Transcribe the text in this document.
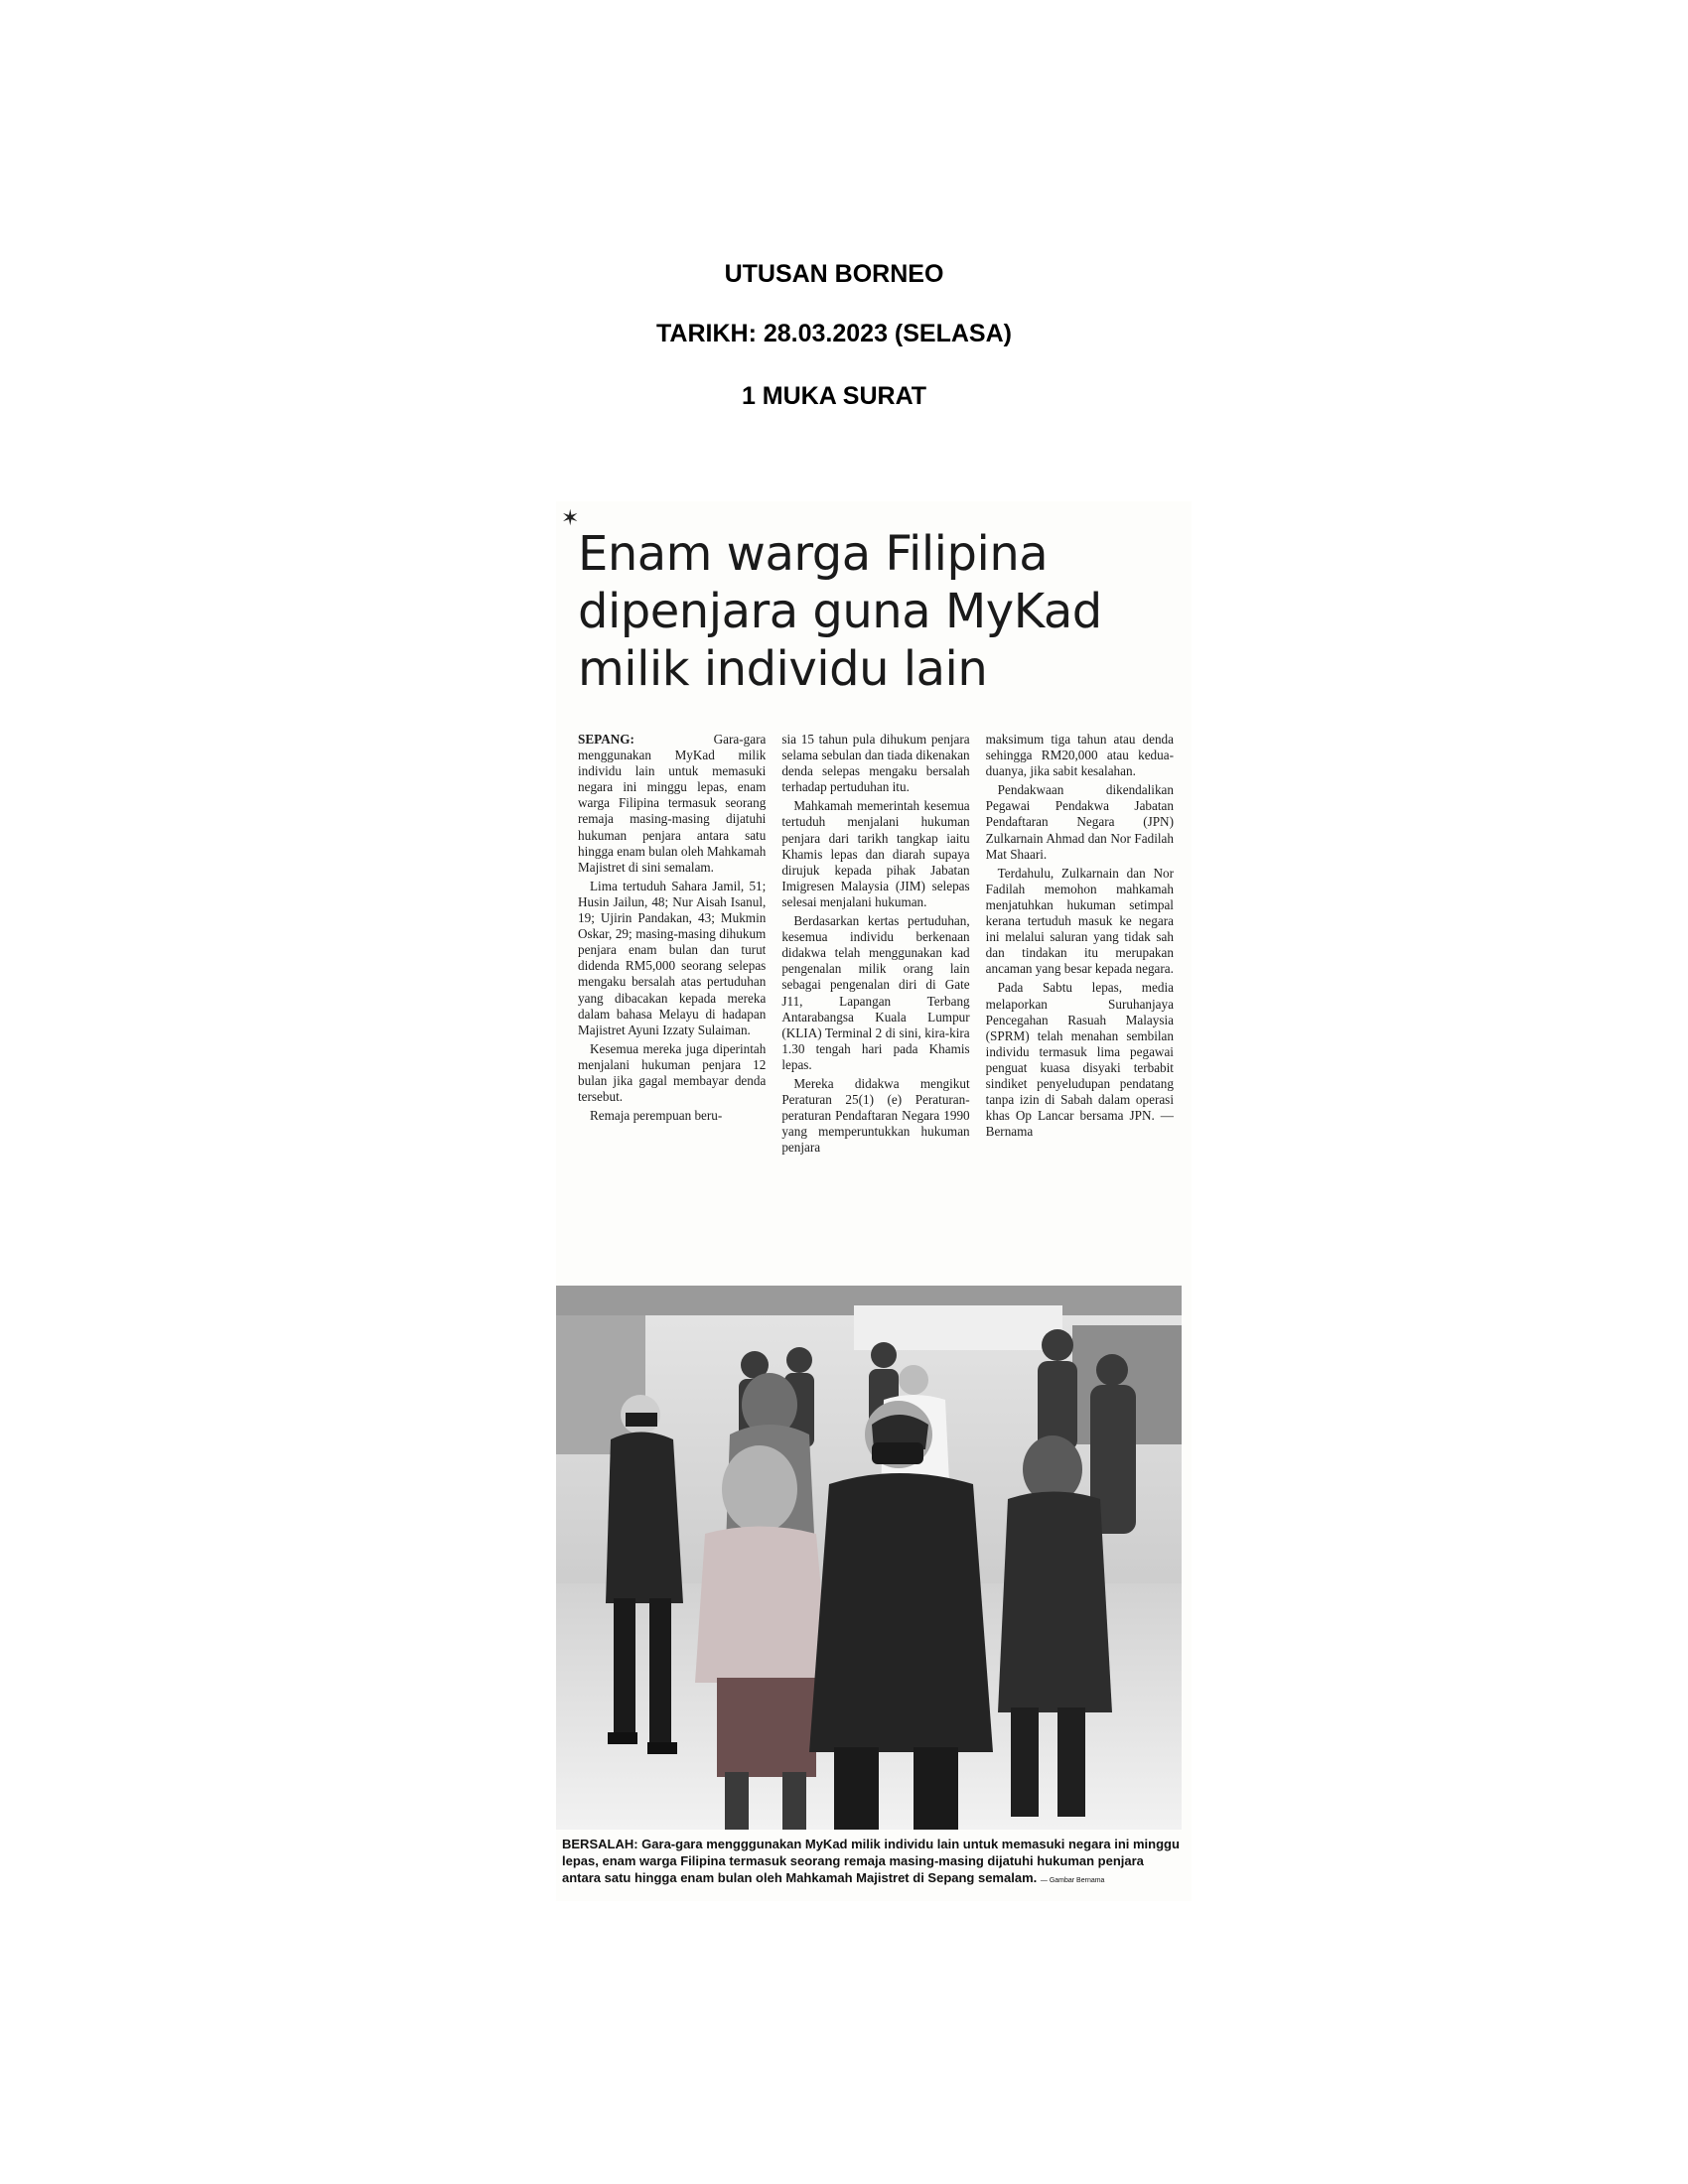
UTUSAN BORNEO
TARIKH: 28.03.2023 (SELASA)
1 MUKA SURAT
✶
Enam warga Filipina dipenjara guna MyKad milik individu lain

SEPANG:	Gara-gara menggunakan MyKad milik individu lain untuk memasuki negara ini minggu lepas, enam warga Filipina termasuk seorang remaja masing-masing dijatuhi hukuman penjara antara satu hingga enam bulan oleh Mahkamah Majistret di sini semalam.

Lima tertuduh Sahara Jamil, 51; Husin Jailun, 48; Nur Aisah Isanul, 19; Ujirin Pandakan, 43; Mukmin Oskar, 29; masing-masing dihukum penjara enam bulan dan turut didenda RM5,000 seorang selepas mengaku bersalah atas pertuduhan yang dibacakan kepada mereka dalam bahasa Melayu di hadapan Majistret Ayuni Izzaty Sulaiman.

Kesemua mereka juga diperintah menjalani hukuman penjara 12 bulan jika gagal membayar denda tersebut.

Remaja perempuan beru-

sia 15 tahun pula dihukum penjara selama sebulan dan tiada dikenakan denda selepas mengaku bersalah terhadap pertuduhan itu.

Mahkamah memerintah kesemua tertuduh menjalani hukuman penjara dari tarikh tangkap iaitu Khamis lepas dan diarah supaya dirujuk kepada pihak Jabatan Imigresen Malaysia (JIM) selepas selesai menjalani hukuman.

Berdasarkan kertas pertuduhan, kesemua individu berkenaan didakwa telah menggunakan kad pengenalan milik orang lain sebagai pengenalan diri di Gate J11, Lapangan Terbang Antarabangsa Kuala Lumpur (KLIA) Terminal 2 di sini, kira-kira 1.30 tengah hari pada Khamis lepas.

Mereka didakwa mengikut Peraturan 25(1) (e) Peraturan-peraturan Pendaftaran Negara 1990 yang memperuntukkan hukuman penjara

maksimum tiga tahun atau denda sehingga RM20,000 atau kedua-duanya, jika sabit kesalahan.

Pendakwaan dikendalikan Pegawai Pendakwa Jabatan Pendaftaran Negara (JPN) Zulkarnain Ahmad dan Nor Fadilah Mat Shaari.

Terdahulu, Zulkarnain dan Nor Fadilah memohon mahkamah menjatuhkan hukuman setimpal kerana tertuduh masuk ke negara ini melalui saluran yang tidak sah dan tindakan itu merupakan ancaman yang besar kepada negara.

Pada Sabtu lepas, media melaporkan Suruhanjaya Pencegahan Rasuah Malaysia (SPRM) telah menahan sembilan individu termasuk lima pegawai penguat kuasa disyaki terbabit sindiket penyeludupan pendatang tanpa izin di Sabah dalam operasi khas Op Lancar bersama JPN. — Bernama

BERSALAH: Gara-gara mengggunakan MyKad milik individu lain untuk memasuki negara ini minggu lepas, enam warga Filipina termasuk seorang remaja masing-masing dijatuhi hukuman penjara antara satu hingga enam bulan oleh Mahkamah Majistret di Sepang semalam. — Gambar Bernama
